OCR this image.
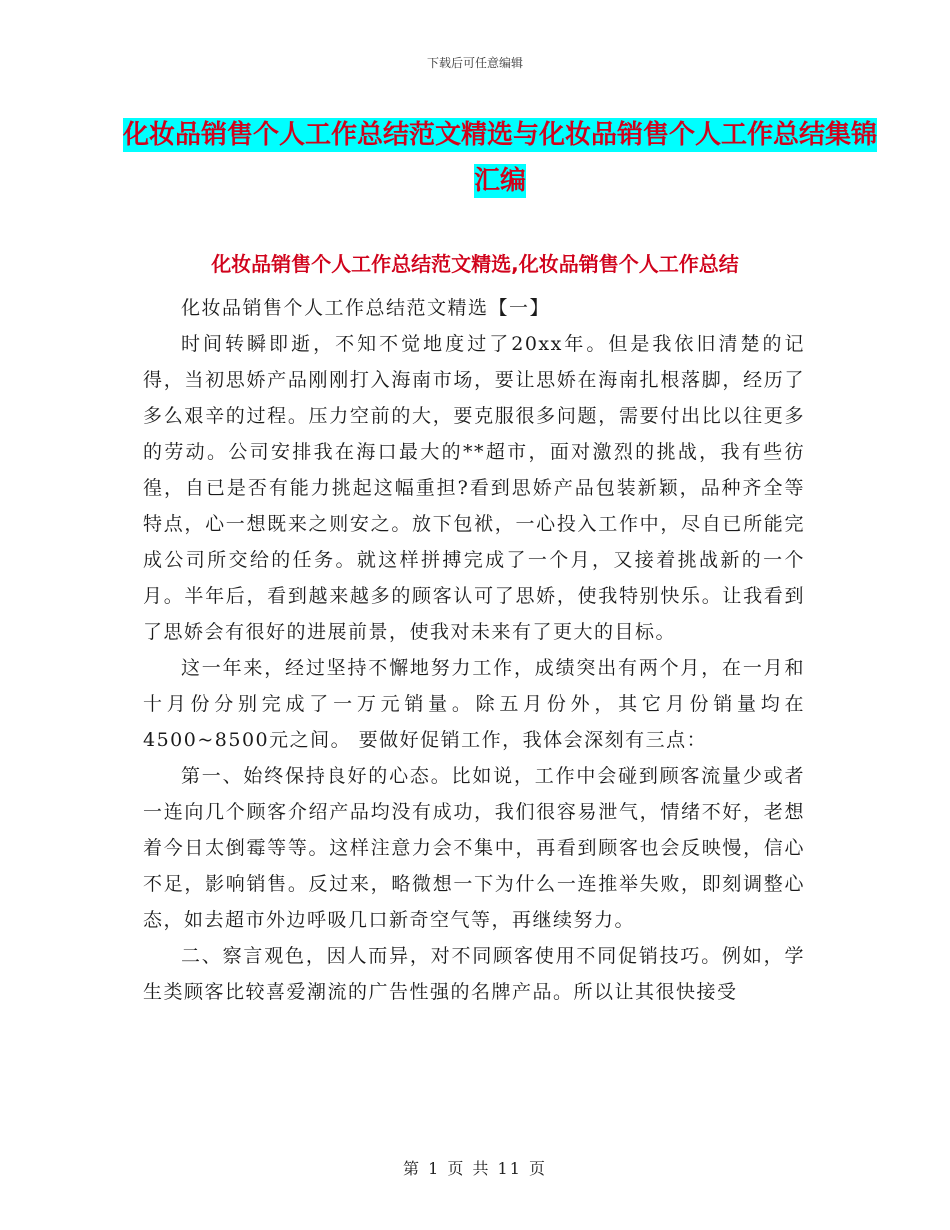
下载后可任意编辑
化妆品销售个人工作总结范文精选与化妆品销售个人工作总结集锦汇编
化妆品销售个人工作总结范文精选,化妆品销售个人工作总结

化妆品销售个人工作总结范文精选【一】

时间转瞬即逝，不知不觉地度过了20xx年。但是我依旧清楚的记得，当初思娇产品刚刚打入海南市场，要让思娇在海南扎根落脚，经历了多么艰辛的过程。压力空前的大，要克服很多问题，需要付出比以往更多的劳动。公司安排我在海口最大的**超市，面对激烈的挑战，我有些彷徨，自已是否有能力挑起这幅重担?看到思娇产品包装新颖，品种齐全等特点，心一想既来之则安之。放下包袱，一心投入工作中，尽自已所能完成公司所交给的任务。就这样拼搏完成了一个月，又接着挑战新的一个月。半年后，看到越来越多的顾客认可了思娇，使我特别快乐。让我看到了思娇会有很好的进展前景，使我对未来有了更大的目标。

这一年来，经过坚持不懈地努力工作，成绩突出有两个月，在一月和十月份分别完成了一万元销量。除五月份外，其它月份销量均在4500~8500元之间。 要做好促销工作，我体会深刻有三点：

第一、始终保持良好的心态。比如说，工作中会碰到顾客流量少或者一连向几个顾客介绍产品均没有成功，我们很容易泄气，情绪不好，老想着今日太倒霉等等。这样注意力会不集中，再看到顾客也会反映慢，信心不足，影响销售。反过来，略微想一下为什么一连推举失败，即刻调整心态，如去超市外边呼吸几口新奇空气等，再继续努力。

二、察言观色，因人而异，对不同顾客使用不同促销技巧。例如，学生类顾客比较喜爱潮流的广告性强的名牌产品。所以让其很快接受

第 1 页 共 11 页
